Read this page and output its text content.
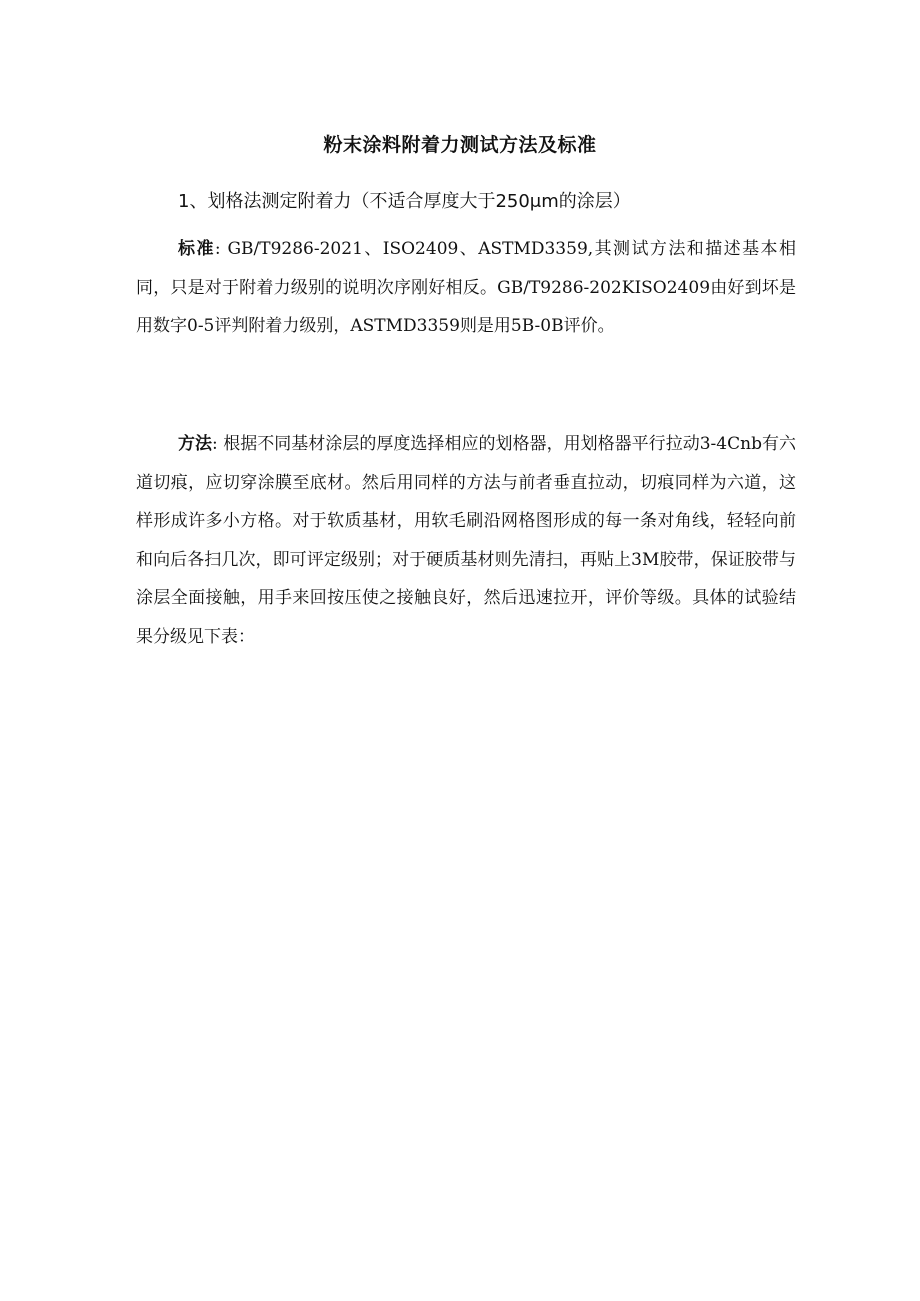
粉末涂料附着力测试方法及标准
1、划格法测定附着力（不适合厚度大于250μm的涂层）

标准: GB/T9286-2021、ISO2409、ASTMD3359,其测试方法和描述基本相同，只是对于附着力级别的说明次序刚好相反。GB/T9286-202KISO2409由好到坏是用数字0-5评判附着力级别，ASTMD3359则是用5B-0B评价。

方法: 根据不同基材涂层的厚度选择相应的划格器，用划格器平行拉动3-4Cnb有六道切痕，应切穿涂膜至底材。然后用同样的方法与前者垂直拉动，切痕同样为六道，这样形成许多小方格。对于软质基材，用软毛刷沿网格图形成的每一条对角线，轻轻向前和向后各扫几次，即可评定级别；对于硬质基材则先清扫，再贴上3M胶带，保证胶带与涂层全面接触，用手来回按压使之接触良好，然后迅速拉开，评价等级。具体的试验结果分级见下表：
